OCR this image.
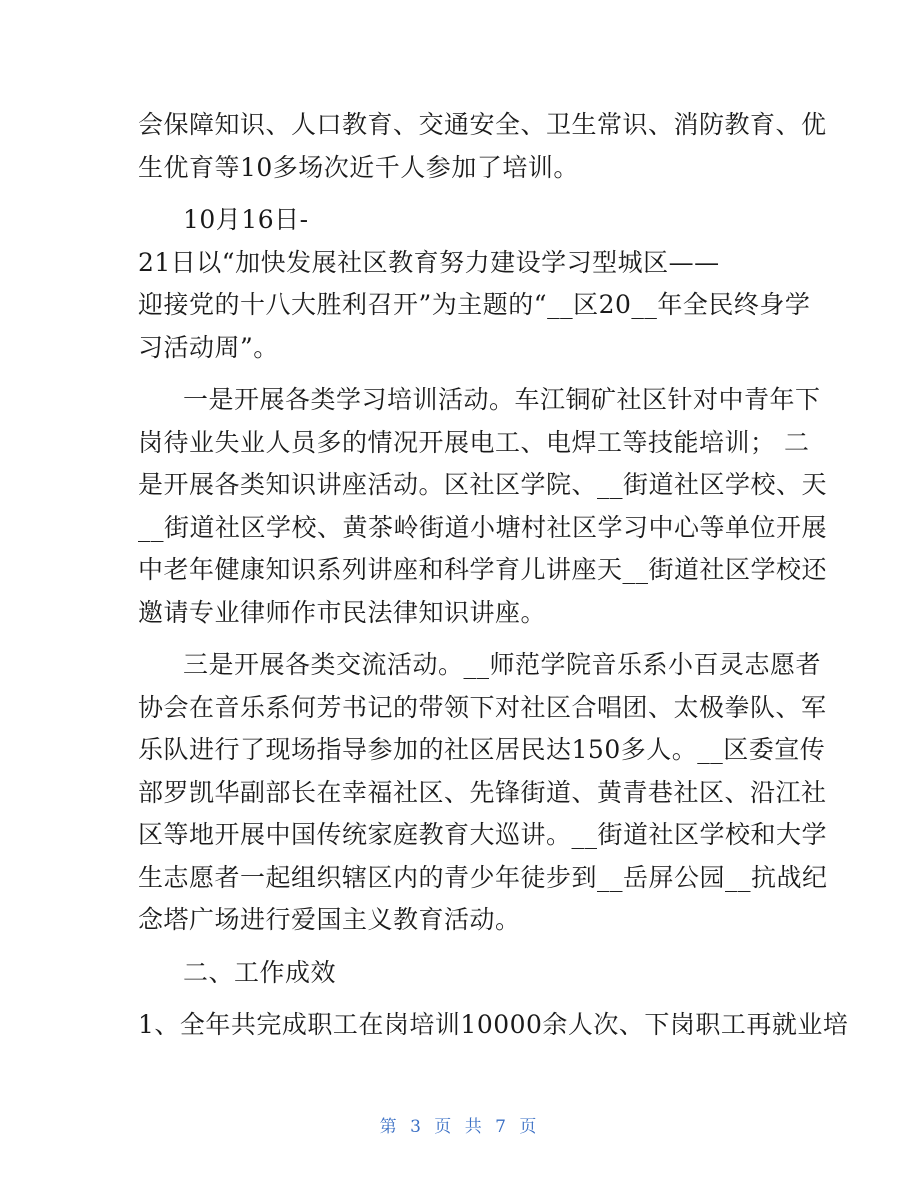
会保障知识、人口教育、交通安全、卫生常识、消防教育、优
生优育等10多场次近千人参加了培训。
10月16日-
21日以“加快发展社区教育努力建设学习型城区——
迎接党的十八大胜利召开”为主题的“__区20__年全民终身学
习活动周”。
一是开展各类学习培训活动。车江铜矿社区针对中青年下
岗待业失业人员多的情况开展电工、电焊工等技能培训； 二
是开展各类知识讲座活动。区社区学院、__街道社区学校、天
__街道社区学校、黄茶岭街道小塘村社区学习中心等单位开展
中老年健康知识系列讲座和科学育儿讲座天__街道社区学校还
邀请专业律师作市民法律知识讲座。
三是开展各类交流活动。__师范学院音乐系小百灵志愿者
协会在音乐系何芳书记的带领下对社区合唱团、太极拳队、军
乐队进行了现场指导参加的社区居民达150多人。__区委宣传
部罗凯华副部长在幸福社区、先锋街道、黄青巷社区、沿江社
区等地开展中国传统家庭教育大巡讲。__街道社区学校和大学
生志愿者一起组织辖区内的青少年徒步到__岳屏公园__抗战纪
念塔广场进行爱国主义教育活动。
二、工作成效
1、全年共完成职工在岗培训10000余人次、下岗职工再就业培
第 3 页 共 7 页
